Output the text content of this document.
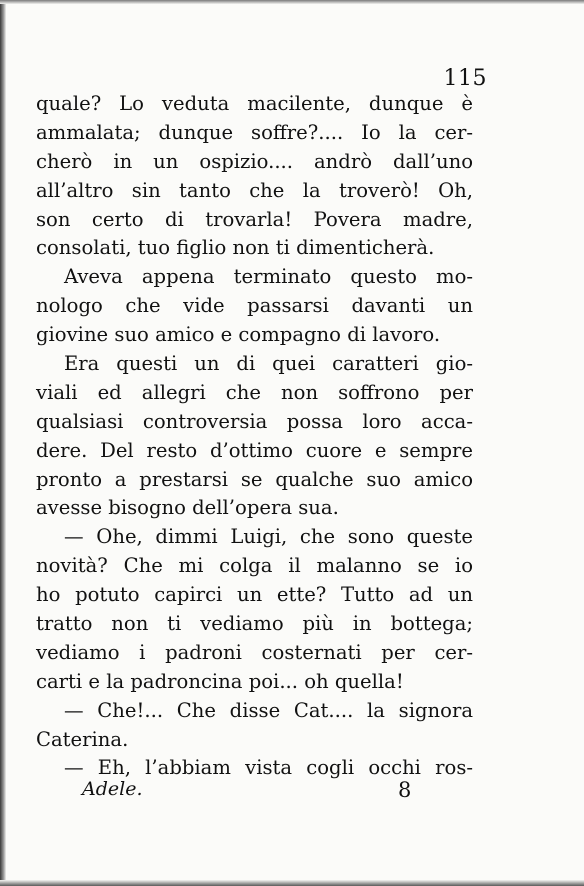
115
quale? Lo veduta macilente, dunque è
ammalata; dunque soffre?.... Io la cer-
cherò in un ospizio.... andrò dall’uno
all’altro sin tanto che la troverò! Oh,
son certo di trovarla! Povera madre,
consolati, tuo figlio non ti dimenticherà.
Aveva appena terminato questo mo-
nologo che vide passarsi davanti un
giovine suo amico e compagno di lavoro.
Era questi un di quei caratteri gio-
viali ed allegri che non soffrono per
qualsiasi controversia possa loro acca-
dere. Del resto d’ottimo cuore e sempre
pronto a prestarsi se qualche suo amico
avesse bisogno dell’opera sua.
— Ohe, dimmi Luigi, che sono queste
novità? Che mi colga il malanno se io
ho potuto capirci un ette? Tutto ad un
tratto non ti vediamo più in bottega;
vediamo i padroni costernati per cer-
carti e la padroncina poi... oh quella!
— Che!... Che disse Cat.... la signora
Caterina.
— Eh, l’abbiam vista cogli occhi ros-
Adele.	8
